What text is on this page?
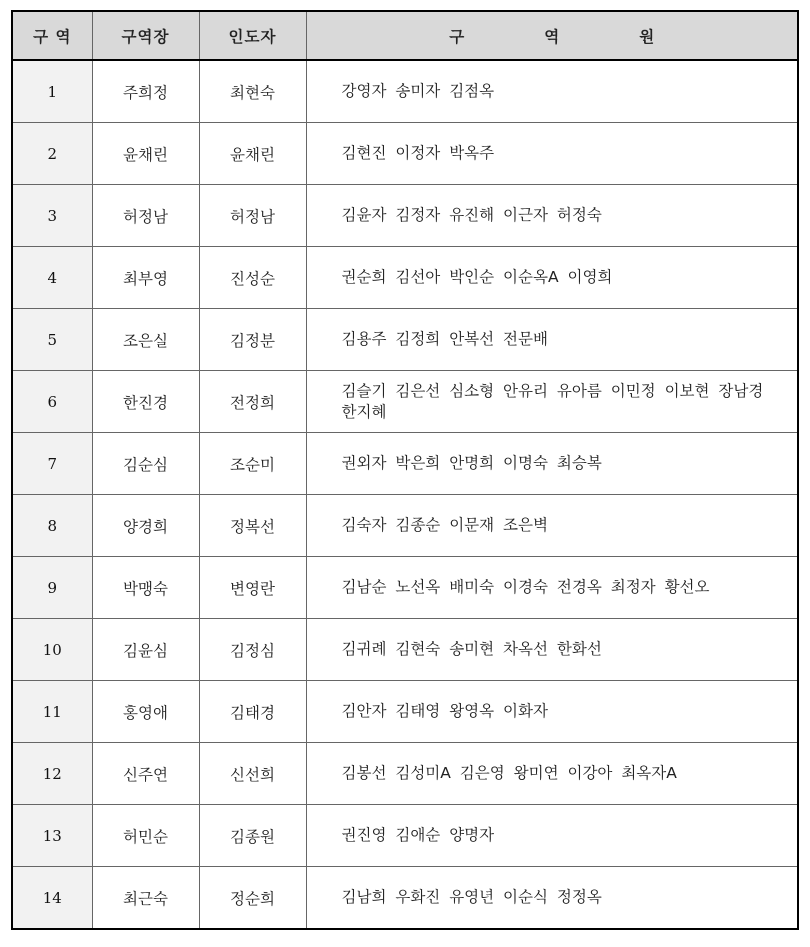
구 역	구역장	인도자	구 역 원
1	주희정	최현숙	강영자 송미자 김점옥
2	윤채린	윤채린	김현진 이정자 박옥주
3	허정남	허정남	김윤자 김정자 유진해 이근자 허정숙
4	최부영	진성순	권순희 김선아 박인순 이순옥A 이영희
5	조은실	김정분	김용주 김정희 안복선 전문배
6	한진경	전정희	김슬기 김은선 심소형 안유리 유아름 이민정 이보현 장남경 한지혜
7	김순심	조순미	권외자 박은희 안명희 이명숙 최승복
8	양경희	정복선	김숙자 김종순 이문재 조은벽
9	박맹숙	변영란	김남순 노선옥 배미숙 이경숙 전경옥 최정자 황선오
10	김윤심	김정심	김귀례 김현숙 송미현 차옥선 한화선
11	홍영애	김태경	김안자 김태영 왕영옥 이화자
12	신주연	신선희	김봉선 김성미A 김은영 왕미연 이강아 최옥자A
13	허민순	김종원	권진영 김애순 양명자
14	최근숙	정순희	김남희 우화진 유영년 이순식 정정옥
